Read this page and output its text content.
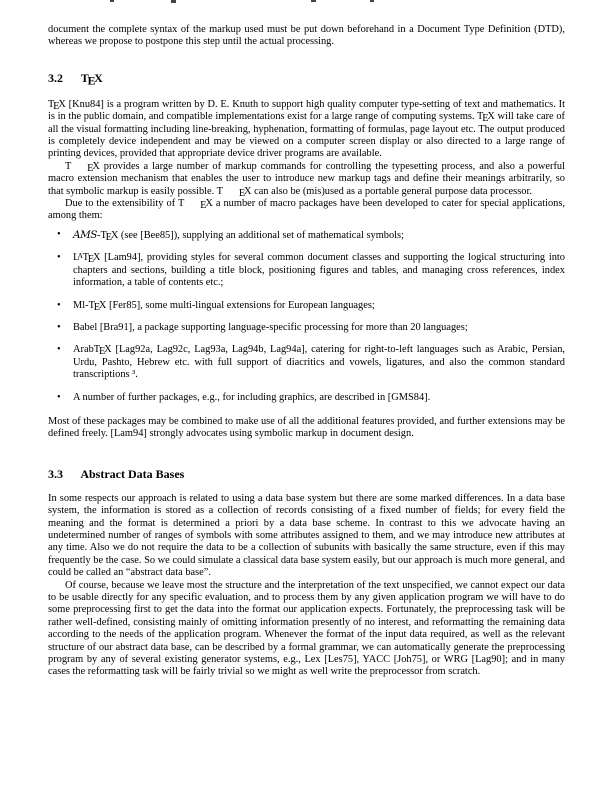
document the complete syntax of the markup used must be put down beforehand in a Document Type Definition (DTD), whereas we propose to postpone this step until the actual processing.

3.2 TEX

TEX [Knu84] is a program written by D. E. Knuth to support high quality computer type-setting of text and mathematics. It is in the public domain, and compatible implementations exist for a large range of computing systems. TEX will take care of all the visual formatting including line-breaking, hyphenation, formatting of formulas, page layout etc. The output produced is completely device independent and may be viewed on a computer screen display or also directed to a large range of printing devices, provided that appropriate device driver programs are available.

T EX provides a large number of markup commands for controlling the typesetting process, and also a powerful macro extension mechanism that enables the user to introduce new markup tags and define their meanings arbitrarily, so that symbolic markup is easily possible. T EX can also be (mis)used as a portable general purpose data processor.

Due to the extensibility of T EX a number of macro packages have been developed to cater for special applications, among them:

• AMS-TEX (see [Bee85]), supplying an additional set of mathematical symbols;
• LATEX [Lam94], providing styles for several common document classes and supporting the logical structuring into chapters and sections, building a title block, positioning figures and tables, and managing cross references, index information, a table of contents etc.;
• Ml-TEX [Fer85], some multi-lingual extensions for European languages;
• Babel [Bra91], a package supporting language-specific processing for more than 20 languages;
• ArabTEX [Lag92a, Lag92c, Lag93a, Lag94b, Lag94a], catering for right-to-left languages such as Arabic, Persian, Urdu, Pashto, Hebrew etc. with full support of diacritics and vowels, ligatures, and also the common standard transcriptions ³.
• A number of further packages, e.g., for including graphics, are described in [GMS84].

Most of these packages may be combined to make use of all the additional features provided, and further extensions may be defined freely. [Lam94] strongly advocates using symbolic markup in document design.

3.3 Abstract Data Bases

In some respects our approach is related to using a data base system but there are some marked differences. In a data base system, the information is stored as a collection of records consisting of a fixed number of fields; for every field the meaning and the format is determined a priori by a data base scheme. In contrast to this we advocate having an undetermined number of ranges of symbols with some attributes assigned to them, and we may introduce new attributes at any time. Also we do not require the data to be a collection of subunits with basically the same structure, even if this may frequently be the case. So we could simulate a classical data base system easily, but our approach is much more general, and could be called an “abstract data base”.

Of course, because we leave most the structure and the interpretation of the text unspecified, we cannot expect our data to be usable directly for any specific evaluation, and to process them by any given application program we will have to do some preprocessing first to get the data into the format our application expects. Fortunately, the preprocessing task will be rather well-defined, consisting mainly of omitting information presently of no interest, and reformatting the remaining data according to the needs of the application program. Whenever the format of the input data required, as well as the relevant structure of our abstract data base, can be described by a formal grammar, we can automatically generate the preprocessing program by any of several existing generator systems, e.g., Lex [Les75], YACC [Joh75], or WRG [Lag90]; and in many cases the reformatting task will be fairly trivial so we might as well write the preprocessor from scratch.
